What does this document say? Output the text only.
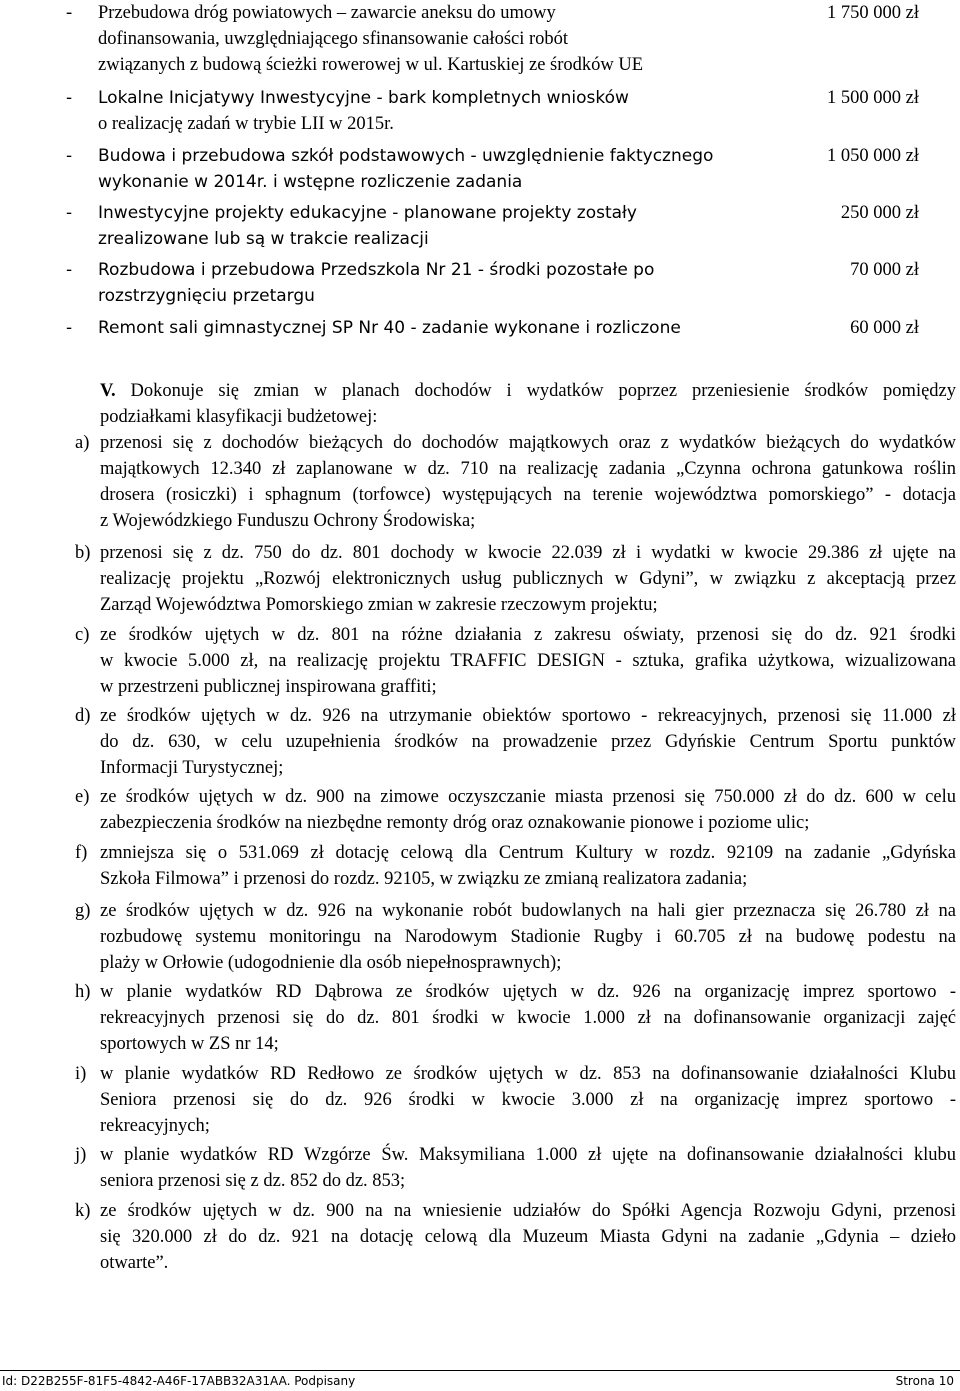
- Przebudowa dróg powiatowych – zawarcie aneksu do umowy
dofinansowania, uwzględniającego sfinansowanie całości robót
związanych z budową ścieżki rowerowej w ul. Kartuskiej ze środków UE
1 750 000 zł
- Lokalne Inicjatywy Inwestycyjne - bark kompletnych wniosków
o realizację zadań w trybie LII w 2015r.
1 500 000 zł
- Budowa i przebudowa szkół podstawowych - uwzględnienie faktycznego
wykonanie w 2014r. i wstępne rozliczenie zadania
1 050 000 zł
- Inwestycyjne projekty edukacyjne - planowane projekty zostały
zrealizowane lub są w trakcie realizacji
250 000 zł
- Rozbudowa i przebudowa Przedszkola Nr 21 - środki pozostałe po
rozstrzygnięciu przetargu
70 000 zł
- Remont sali gimnastycznej SP Nr 40 - zadanie wykonane i rozliczone	60 000 zł
V. Dokonuje się zmian w planach dochodów i wydatków poprzez przeniesienie środków pomiędzy
podziałkami klasyfikacji budżetowej:
a) przenosi się z dochodów bieżących do dochodów majątkowych oraz z wydatków bieżących do wydatków
majątkowych 12.340 zł zaplanowane w dz. 710 na realizację zadania „Czynna ochrona gatunkowa roślin
drosera (rosiczki) i sphagnum (torfowce) występujących na terenie województwa pomorskiego” - dotacja
z Wojewódzkiego Funduszu Ochrony Środowiska;
b) przenosi się z dz. 750 do dz. 801 dochody w kwocie 22.039 zł i wydatki w kwocie 29.386 zł ujęte na
realizację projektu „Rozwój elektronicznych usług publicznych w Gdyni”, w związku z akceptacją przez
Zarząd Województwa Pomorskiego zmian w zakresie rzeczowym projektu;
c) ze środków ujętych w dz. 801 na różne działania z zakresu oświaty, przenosi się do dz. 921 środki
w kwocie 5.000 zł, na realizację projektu TRAFFIC DESIGN - sztuka, grafika użytkowa, wizualizowana
w przestrzeni publicznej inspirowana graffiti;
d) ze środków ujętych w dz. 926 na utrzymanie obiektów sportowo - rekreacyjnych, przenosi się 11.000 zł
do dz. 630, w celu uzupełnienia środków na prowadzenie przez Gdyńskie Centrum Sportu punktów
Informacji Turystycznej;
e) ze środków ujętych w dz. 900 na zimowe oczyszczanie miasta przenosi się 750.000 zł do dz. 600 w celu
zabezpieczenia środków na niezbędne remonty dróg oraz oznakowanie pionowe i poziome ulic;
f) zmniejsza się o 531.069 zł dotację celową dla Centrum Kultury w rozdz. 92109 na zadanie „Gdyńska
Szkoła Filmowa” i przenosi do rozdz. 92105, w związku ze zmianą realizatora zadania;
g) ze środków ujętych w dz. 926 na wykonanie robót budowlanych na hali gier przeznacza się 26.780 zł na
rozbudowę systemu monitoringu na Narodowym Stadionie Rugby i 60.705 zł na budowę podestu na
plaży w Orłowie (udogodnienie dla osób niepełnosprawnych);
h) w planie wydatków RD Dąbrowa ze środków ujętych w dz. 926 na organizację imprez sportowo -
rekreacyjnych przenosi się do dz. 801 środki w kwocie 1.000 zł na dofinansowanie organizacji zajęć
sportowych w ZS nr 14;
i) w planie wydatków RD Redłowo ze środków ujętych w dz. 853 na dofinansowanie działalności Klubu
Seniora przenosi się do dz. 926 środki w kwocie 3.000 zł na organizację imprez sportowo -
rekreacyjnych;
j) w planie wydatków RD Wzgórze Św. Maksymiliana 1.000 zł ujęte na dofinansowanie działalności klubu
seniora przenosi się z dz. 852 do dz. 853;
k) ze środków ujętych w dz. 900 na na wniesienie udziałów do Spółki Agencja Rozwoju Gdyni, przenosi
się 320.000 zł do dz. 921 na dotację celową dla Muzeum Miasta Gdyni na zadanie „Gdynia – dzieło
otwarte”.
Id: D22B255F-81F5-4842-A46F-17ABB32A31AA. Podpisany	Strona 10
